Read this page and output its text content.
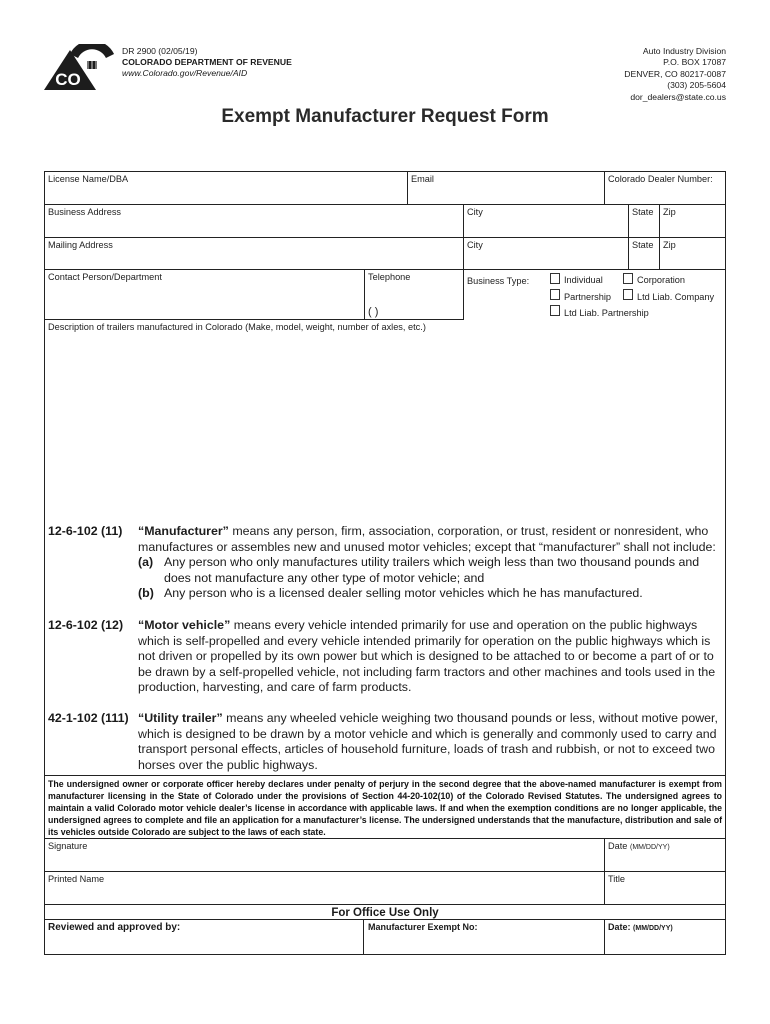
CDOR
CO
DR 2900 (02/05/19)
COLORADO DEPARTMENT OF REVENUE
www.Colorado.gov/Revenue/AID
Auto Industry Division
P.O. BOX 17087
DENVER, CO 80217-0087
(303) 205-5604
dor_dealers@state.co.us
Exempt Manufacturer Request Form
License Name/DBA	Email	Colorado Dealer Number:
Business Address	City	State Zip
Mailing Address	City	State Zip
Contact Person/Department	Telephone
( )
Business Type:	Individual	Corporation
Partnership	Ltd Liab. Company
Ltd Liab. Partnership
Description of trailers manufactured in Colorado (Make, model, weight, number of axles, etc.)
12-6-102 (11) “Manufacturer” means any person, firm, association, corporation, or trust, resident or nonresident, who manufactures or assembles new and unused motor vehicles; except that “manufacturer” shall not include:
(a) Any person who only manufactures utility trailers which weigh less than two thousand pounds and does not manufacture any other type of motor vehicle; and
(b) Any person who is a licensed dealer selling motor vehicles which he has manufactured.
12-6-102 (12) “Motor vehicle” means every vehicle intended primarily for use and operation on the public highways which is self-propelled and every vehicle intended primarily for operation on the public highways which is not driven or propelled by its own power but which is designed to be attached to or become a part of or to be drawn by a self-propelled vehicle, not including farm tractors and other machines and tools used in the production, harvesting, and care of farm products.
42-1-102 (111) “Utility trailer” means any wheeled vehicle weighing two thousand pounds or less, without motive power, which is designed to be drawn by a motor vehicle and which is generally and commonly used to carry and transport personal effects, articles of household furniture, loads of trash and rubbish, or not to exceed two horses over the public highways.
The undersigned owner or corporate officer hereby declares under penalty of perjury in the second degree that the above-named manufacturer is exempt from manufacturer licensing in the State of Colorado under the provisions of Section 44-20-102(10) of the Colorado Revised Statutes. The undersigned agrees to maintain a valid Colorado motor vehicle dealer’s license in accordance with applicable laws. If and when the exemption conditions are no longer applicable, the undersigned agrees to complete and file an application for a manufacturer’s license. The undersigned understands that the manufacture, distribution and sale of its vehicles outside Colorado are subject to the laws of each state.
Signature	Date (MM/DD/YY)
Printed Name	Title
For Office Use Only
Reviewed and approved by:	Manufacturer Exempt No:	Date: (MM/DD/YY)
